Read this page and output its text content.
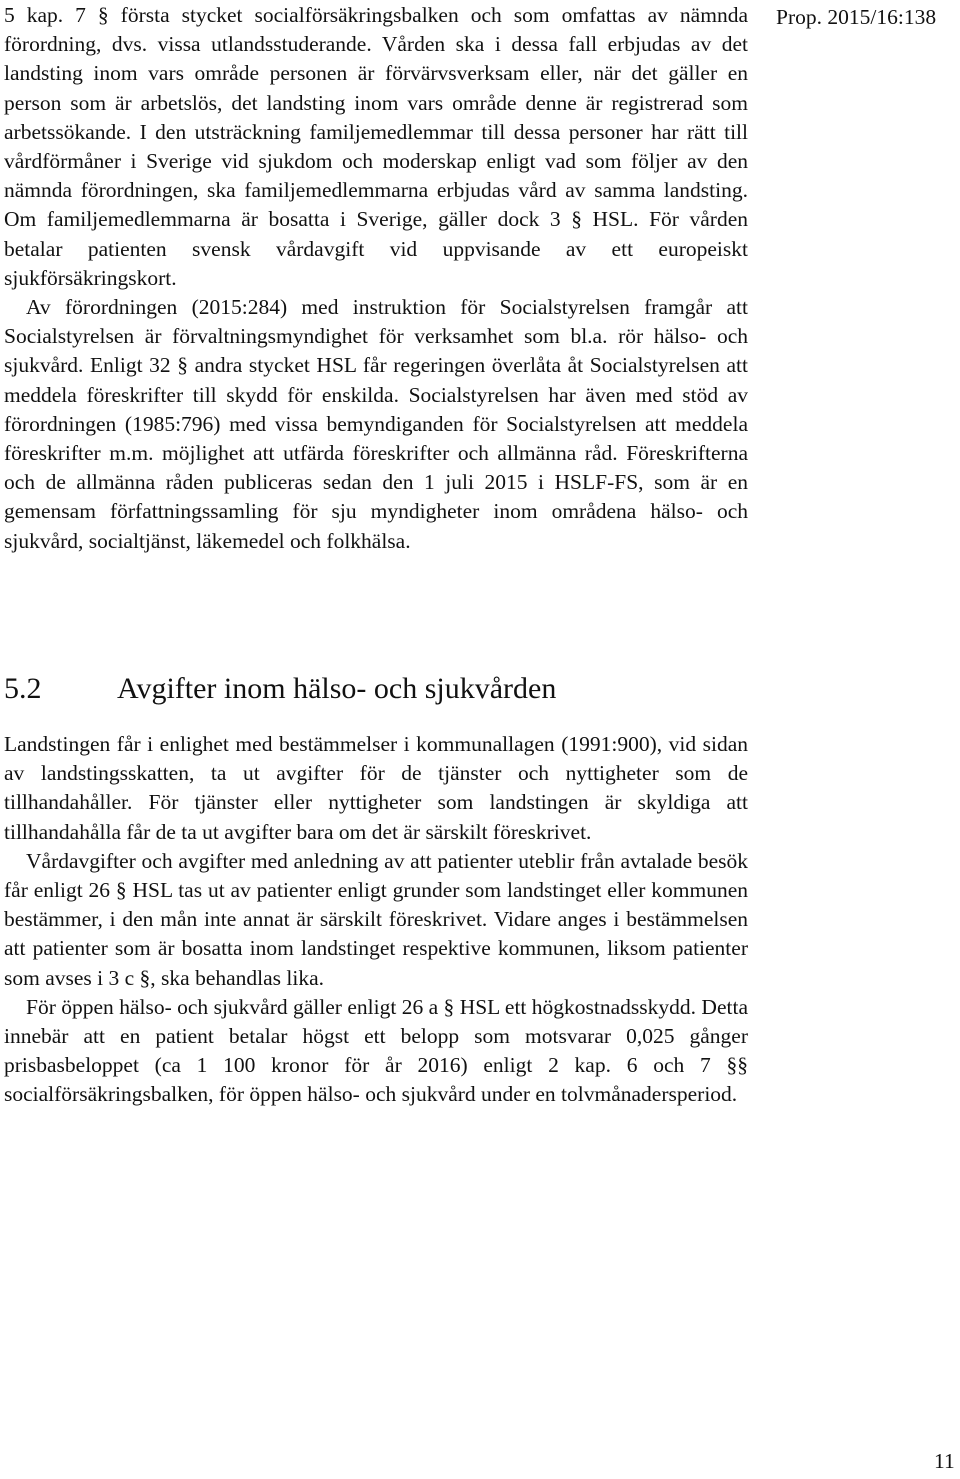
Prop. 2015/16:138

5 kap. 7 § första stycket socialförsäkringsbalken och som omfattas av nämnda förordning, dvs. vissa utlandsstuderande. Vården ska i dessa fall erbjudas av det landsting inom vars område personen är förvärvsverksam eller, när det gäller en person som är arbetslös, det landsting inom vars område denne är registrerad som arbetssökande. I den utsträckning familjemedlemmar till dessa personer har rätt till vårdförmåner i Sverige vid sjukdom och moderskap enligt vad som följer av den nämnda förordningen, ska familjemedlemmarna erbjudas vård av samma landsting. Om familjemedlemmarna är bosatta i Sverige, gäller dock 3 § HSL. För vården betalar patienten svensk vårdavgift vid uppvisande av ett europeiskt sjukförsäkringskort.

Av förordningen (2015:284) med instruktion för Socialstyrelsen framgår att Socialstyrelsen är förvaltningsmyndighet för verksamhet som bl.a. rör hälso- och sjukvård. Enligt 32 § andra stycket HSL får regeringen överlåta åt Socialstyrelsen att meddela föreskrifter till skydd för enskilda. Socialstyrelsen har även med stöd av förordningen (1985:796) med vissa bemyndiganden för Socialstyrelsen att meddela föreskrifter m.m. möjlighet att utfärda föreskrifter och allmänna råd. Föreskrifterna och de allmänna råden publiceras sedan den 1 juli 2015 i HSLF-FS, som är en gemensam författningssamling för sju myndigheter inom områdena hälso- och sjukvård, socialtjänst, läkemedel och folkhälsa.

5.2	Avgifter inom hälso- och sjukvården

Landstingen får i enlighet med bestämmelser i kommunallagen (1991:900), vid sidan av landstingsskatten, ta ut avgifter för de tjänster och nyttigheter som de tillhandahåller. För tjänster eller nyttigheter som landstingen är skyldiga att tillhandahålla får de ta ut avgifter bara om det är särskilt föreskrivet.

Vårdavgifter och avgifter med anledning av att patienter uteblir från avtalade besök får enligt 26 § HSL tas ut av patienter enligt grunder som landstinget eller kommunen bestämmer, i den mån inte annat är särskilt föreskrivet. Vidare anges i bestämmelsen att patienter som är bosatta inom landstinget respektive kommunen, liksom patienter som avses i 3 c §, ska behandlas lika.

För öppen hälso- och sjukvård gäller enligt 26 a § HSL ett högkostnadsskydd. Detta innebär att en patient betalar högst ett belopp som motsvarar 0,025 gånger prisbasbeloppet (ca 1 100 kronor för år 2016) enligt 2 kap. 6 och 7 §§ socialförsäkringsbalken, för öppen hälso- och sjukvård under en tolvmånadersperiod.

11
